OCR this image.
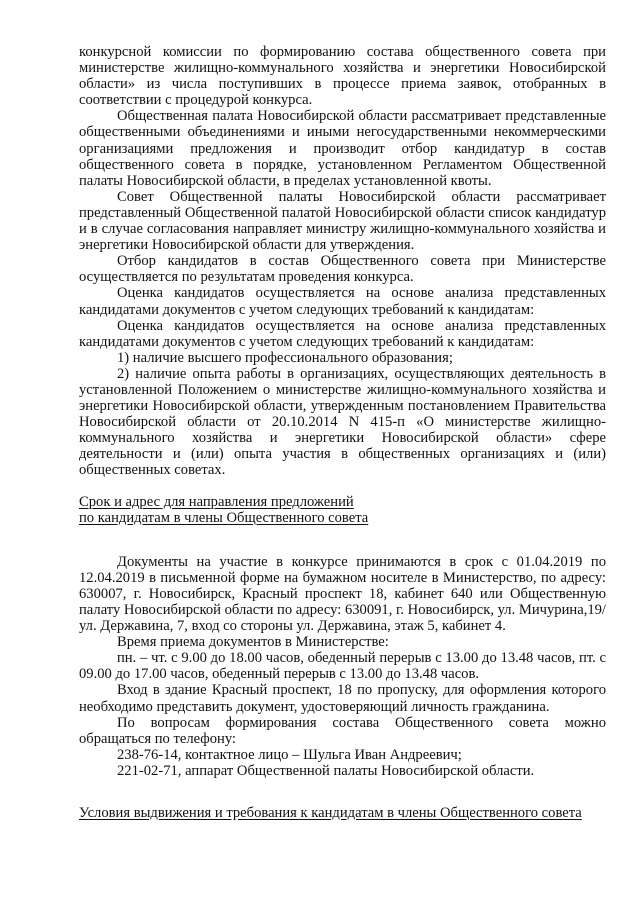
конкурсной комиссии по формированию состава общественного совета при министерстве жилищно-коммунального хозяйства и энергетики Новосибирской области» из числа поступивших в процессе приема заявок, отобранных в соответствии с процедурой конкурса.

Общественная палата Новосибирской области рассматривает представленные общественными объединениями и иными негосударственными некоммерческими организациями предложения и производит отбор кандидатур в состав общественного совета в порядке, установленном Регламентом Общественной палаты Новосибирской области, в пределах установленной квоты.

Совет Общественной палаты Новосибирской области рассматривает представленный Общественной палатой Новосибирской области список кандидатур и в случае согласования направляет министру жилищно-коммунального хозяйства и энергетики Новосибирской области для утверждения.

Отбор кандидатов в состав Общественного совета при Министерстве осуществляется по результатам проведения конкурса.

Оценка кандидатов осуществляется на основе анализа представленных кандидатами документов с учетом следующих требований к кандидатам:

Оценка кандидатов осуществляется на основе анализа представленных кандидатами документов с учетом следующих требований к кандидатам:

1) наличие высшего профессионального образования;

2) наличие опыта работы в организациях, осуществляющих деятельность в установленной Положением о министерстве жилищно-коммунального хозяйства и энергетики Новосибирской области, утвержденным постановлением Правительства Новосибирской области от 20.10.2014 N 415-п «О министерстве жилищно-коммунального хозяйства и энергетики Новосибирской области» сфере деятельности и (или) опыта участия в общественных организациях и (или) общественных советах.

Срок и адрес для направления предложений

по кандидатам в члены Общественного совета

Документы на участие в конкурсе принимаются в срок с 01.04.2019 по 12.04.2019 в письменной форме на бумажном носителе в Министерство, по адресу: 630007, г. Новосибирск, Красный проспект 18, кабинет 640 или Общественную палату Новосибирской области по адресу: 630091, г. Новосибирск, ул. Мичурина,19/ ул. Державина, 7, вход со стороны ул. Державина, этаж 5, кабинет 4.

Время приема документов в Министерстве:

пн. – чт. с 9.00 до 18.00 часов, обеденный перерыв с 13.00 до 13.48 часов, пт. с 09.00 до 17.00 часов, обеденный перерыв с 13.00 до 13.48 часов.

Вход в здание Красный проспект, 18 по пропуску, для оформления которого необходимо представить документ, удостоверяющий личность гражданина.

По вопросам формирования состава Общественного совета можно обращаться по телефону:

238-76-14, контактное лицо – Шульга Иван Андреевич;

221-02-71, аппарат Общественной палаты Новосибирской области.

Условия выдвижения и требования к кандидатам в члены Общественного совета
